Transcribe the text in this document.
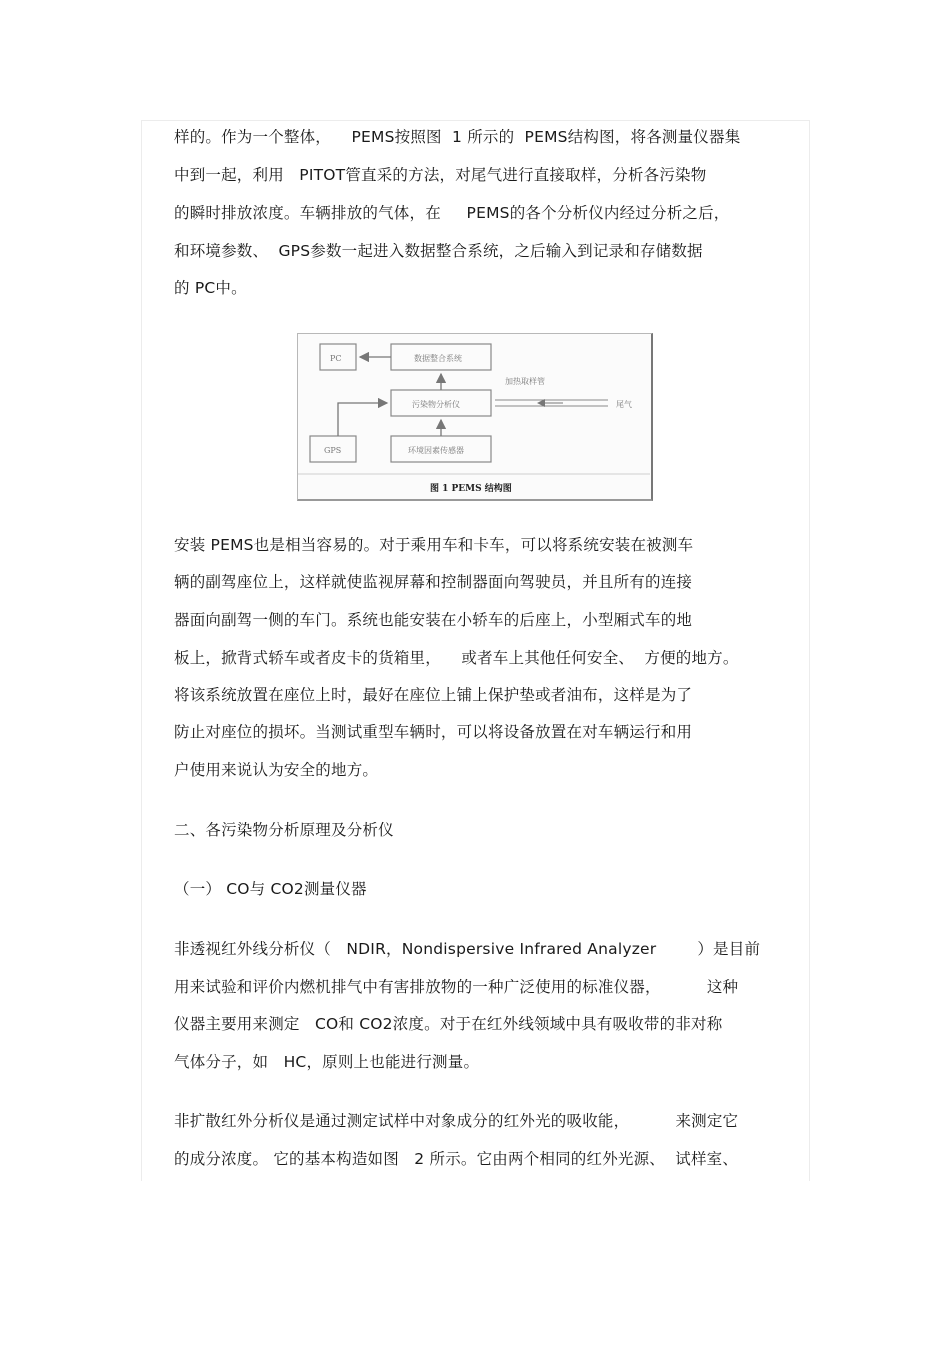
样的。作为一个整体，    PEMS按照图  1 所示的  PEMS结构图，将各测量仪器集
中到一起，利用   PITOT管直采的方法，对尾气进行直接取样，分析各污染物
的瞬时排放浓度。车辆排放的气体，在     PEMS的各个分析仪内经过分析之后，
和环境参数、  GPS参数一起进入数据整合系统，之后输入到记录和存储数据
的 PC中。
PC	数据整合系统
污染物分析仪
GPS	环境因素传感器
加热取样管
尾气
图 1 PEMS 结构图
安装 PEMS也是相当容易的。对于乘用车和卡车，可以将系统安装在被测车
辆的副驾座位上，这样就使监视屏幕和控制器面向驾驶员，并且所有的连接
器面向副驾一侧的车门。系统也能安装在小轿车的后座上，小型厢式车的地
板上，掀背式轿车或者皮卡的货箱里，    或者车上其他任何安全、  方便的地方。
将该系统放置在座位上时，最好在座位上铺上保护垫或者油布，这样是为了
防止对座位的损坏。当测试重型车辆时，可以将设备放置在对车辆运行和用
户使用来说认为安全的地方。
二、各污染物分析原理及分析仪
（一） CO与 CO2测量仪器
非透视红外线分析仪（   NDIR，Nondispersive Infrared Analyzer        ）是目前
用来试验和评价内燃机排气中有害排放物的一种广泛使用的标准仪器，         这种
仪器主要用来测定   CO和 CO2浓度。对于在红外线领域中具有吸收带的非对称
气体分子，如   HC，原则上也能进行测量。
非扩散红外分析仪是通过测定试样中对象成分的红外光的吸收能，         来测定它
的成分浓度。 它的基本构造如图   2 所示。它由两个相同的红外光源、  试样室、
